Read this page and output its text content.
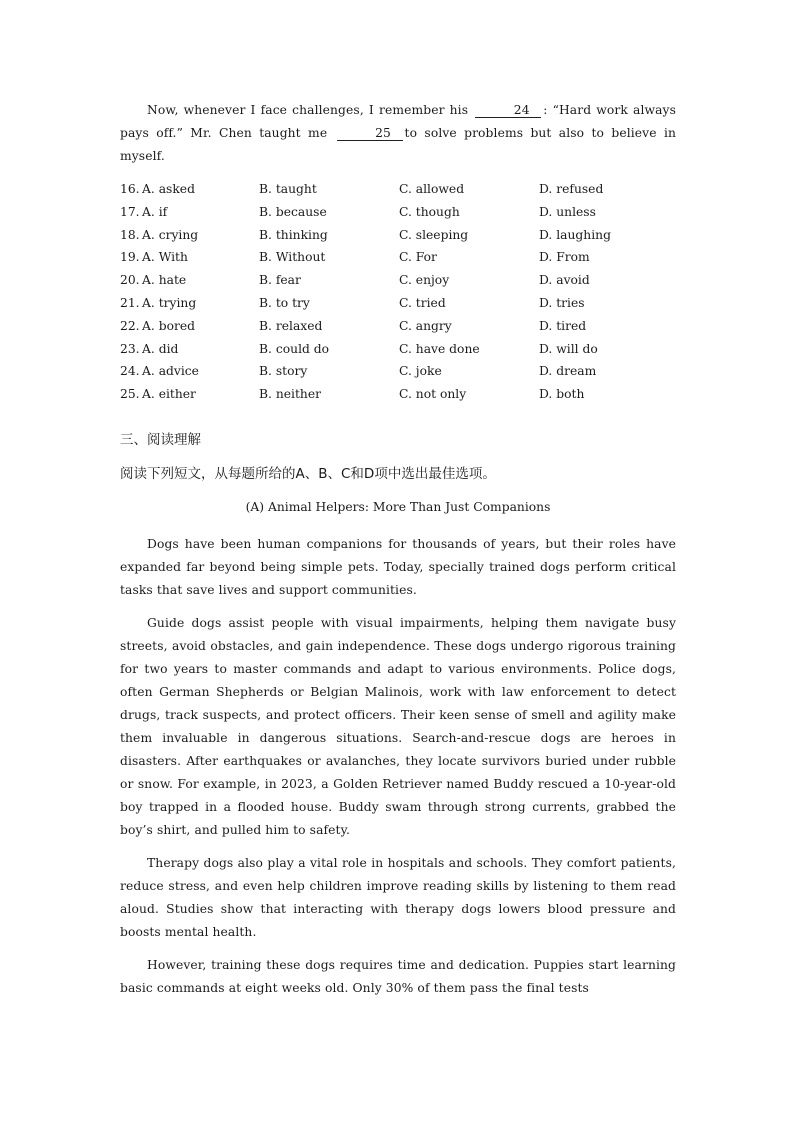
Now, whenever I face challenges, I remember his	24 : “Hard work always pays off.” Mr. Chen taught me	25 to solve problems but also to believe in myself.

16. A. asked	B. taught	C. allowed	D. refused
17. A. if	B. because	C. though	D. unless
18. A. crying	B. thinking	C. sleeping	D. laughing
19. A. With	B. Without	C. For	D. From
20. A. hate	B. fear	C. enjoy	D. avoid
21. A. trying	B. to try	C. tried	D. tries
22. A. bored	B. relaxed	C. angry	D. tired
23. A. did	B. could do	C. have done	D. will do
24. A. advice	B. story	C. joke	D. dream
25. A. either	B. neither	C. not only	D. both
三、阅读理解
阅读下列短文，从每题所给的A、B、C和D项中选出最佳选项。
(A) Animal Helpers: More Than Just Companions

Dogs have been human companions for thousands of years, but their roles have expanded far beyond being simple pets. Today, specially trained dogs perform critical tasks that save lives and support communities.

Guide dogs assist people with visual impairments, helping them navigate busy streets, avoid obstacles, and gain independence. These dogs undergo rigorous training for two years to master commands and adapt to various environments. Police dogs, often German Shepherds or Belgian Malinois, work with law enforcement to detect drugs, track suspects, and protect officers. Their keen sense of smell and agility make them invaluable in dangerous situations. Search-and-rescue dogs are heroes in disasters. After earthquakes or avalanches, they locate survivors buried under rubble or snow. For example, in 2023, a Golden Retriever named Buddy rescued a 10-year-old boy trapped in a flooded house. Buddy swam through strong currents, grabbed the boy’s shirt, and pulled him to safety.

Therapy dogs also play a vital role in hospitals and schools. They comfort patients, reduce stress, and even help children improve reading skills by listening to them read aloud. Studies show that interacting with therapy dogs lowers blood pressure and boosts mental health.

However, training these dogs requires time and dedication. Puppies start learning basic commands at eight weeks old. Only 30% of them pass the final tests
